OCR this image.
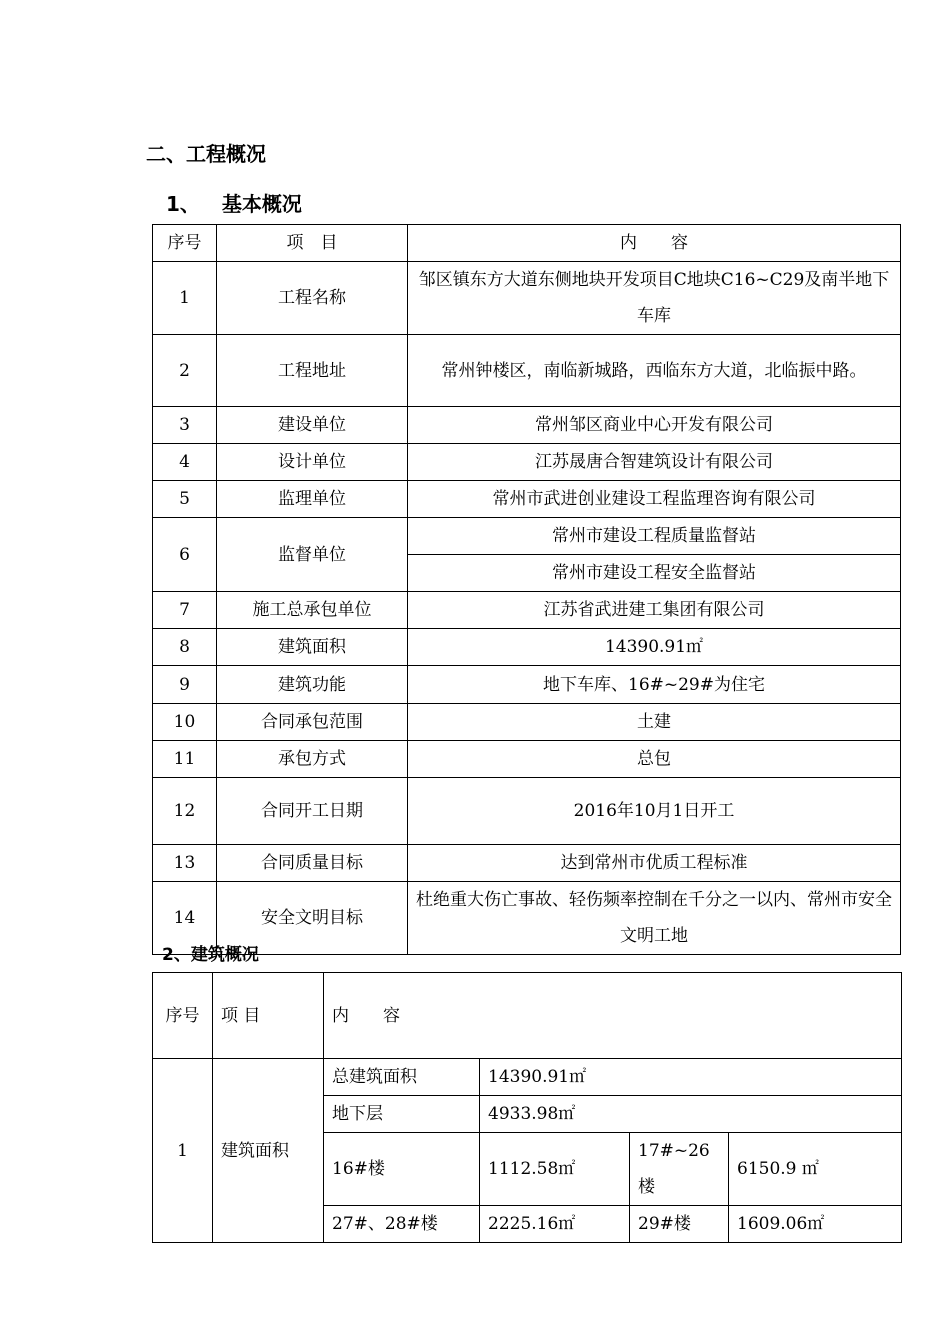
二、工程概况
1、 基本概况
序号	项　目	内　　容
1	工程名称	邹区镇东方大道东侧地块开发项目C地块C16~C29及南半地下车库
2	工程地址	常州钟楼区，南临新城路，西临东方大道，北临振中路。
3	建设单位	常州邹区商业中心开发有限公司
4	设计单位	江苏晟唐合智建筑设计有限公司
5	监理单位	常州市武进创业建设工程监理咨询有限公司
6	监督单位	常州市建设工程质量监督站
		常州市建设工程安全监督站
7	施工总承包单位	江苏省武进建工集团有限公司
8	建筑面积	14390.91㎡
9	建筑功能	地下车库、16#~29#为住宅
10	合同承包范围	土建
11	承包方式	总包
12	合同开工日期	2016年10月1日开工
13	合同质量目标	达到常州市优质工程标准
14	安全文明目标	杜绝重大伤亡事故、轻伤频率控制在千分之一以内、常州市安全文明工地
2、建筑概况
序号	项 目	内　　容			
1	建筑面积	总建筑面积	14390.91㎡		
		地下层	4933.98㎡		
		16#楼	1112.58㎡	17#~26楼	6150.9 ㎡
		27#、28#楼	2225.16㎡	29#楼	1609.06㎡
